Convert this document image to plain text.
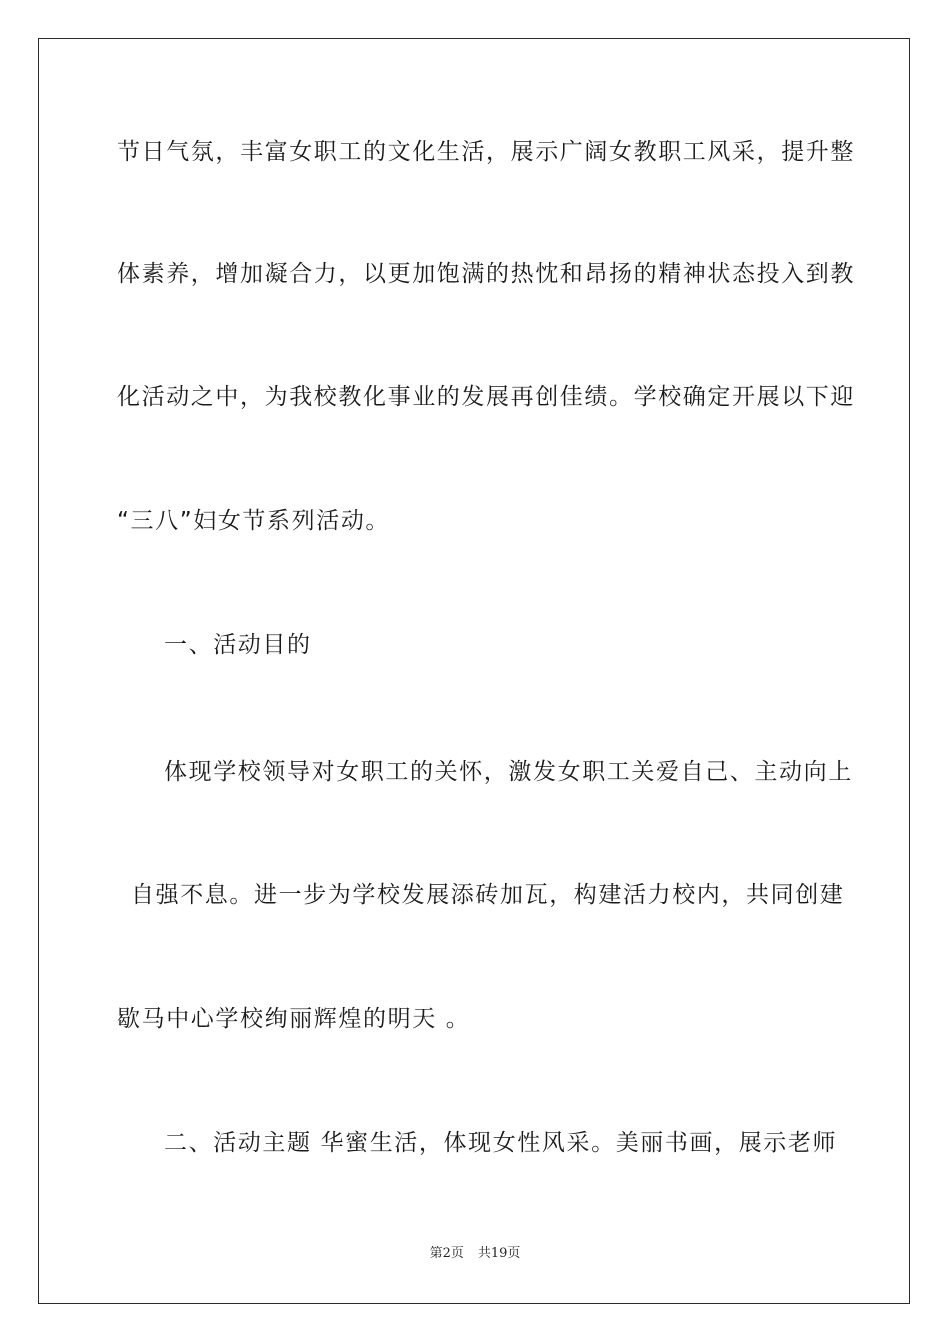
节日气氛，丰富女职工的文化生活，展示广阔女教职工风采，提升整
体素养，增加凝合力，以更加饱满的热忱和昂扬的精神状态投入到教
化活动之中，为我校教化事业的发展再创佳绩。学校确定开展以下迎
“三八”妇女节系列活动。
一、活动目的
体现学校领导对女职工的关怀，激发女职工关爱自己、主动向上
自强不息。进一步为学校发展添砖加瓦，构建活力校内，共同创建
歇马中心学校绚丽辉煌的明天 。
二、活动主题 华蜜生活，体现女性风采。美丽书画，展示老师
第2页 共19页
